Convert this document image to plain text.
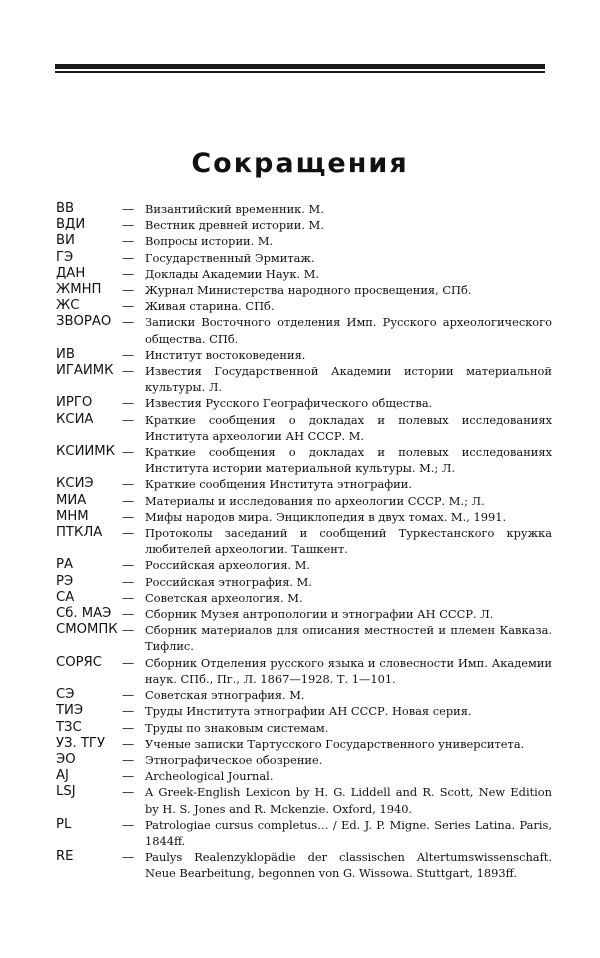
Сокращения
ВВ	— Византийский временник. М.
ВДИ	— Вестник древней истории. М.
ВИ	— Вопросы истории. М.
ГЭ	— Государственный Эрмитаж.
ДАН	— Доклады Академии Наук. М.
ЖМНП	— Журнал Министерства народного просвещения, СПб.
ЖС	— Живая старина. СПб.
ЗВОРАО — Записки Восточного отделения Имп. Русского археологического общества. СПб.
ИВ	— Институт востоковедения.
ИГАИМК — Известия Государственной Академии истории материальной культуры. Л.
ИРГО	— Известия Русского Географического общества.
КСИА	— Краткие сообщения о докладах и полевых исследованиях Института археологии АН СССР. М.
КСИИМК — Краткие сообщения о докладах и полевых исследованиях Института истории материальной культуры. М.; Л.
КСИЭ	— Краткие сообщения Института этнографии.
МИА	— Материалы и исследования по археологии СССР. М.; Л.
МНМ	— Мифы народов мира. Энциклопедия в двух томах. М., 1991.
ПТКЛА	— Протоколы заседаний и сообщений Туркестанского кружка любителей археологии. Ташкент.
РА	— Российская археология. М.
РЭ	— Российская этнография. М.
СА	— Советская археология. М.
Сб. МАЭ — Сборник Музея антропологии и этнографии АН СССР. Л.
СМОМПК — Сборник материалов для описания местностей и племен Кавказа. Тифлис.
СОРЯС	— Сборник Отделения русского языка и словесности Имп. Академии наук. СПб., Пг., Л. 1867—1928. Т. 1—101.
СЭ	— Советская этнография. М.
ТИЭ	— Труды Института этнографии АН СССР. Новая серия.
ТЗС	— Труды по знаковым системам.
УЗ. ТГУ	— Ученые записки Тартусского Государственного университета.
ЭО	— Этнографическое обозрение.
AJ	— Archeological Journal.
LSJ	— A Greek-English Lexicon by H. G. Liddell and R. Scott, New Edition by H. S. Jones and R. Mckenzie. Oxford, 1940.
PL	— Patrologiae cursus completus… / Ed. J. P. Migne. Series Latina. Paris, 1844ff.
RE	— Paulys Realenzyklopädie der classischen Altertumswissenschaft. Neue Bearbeitung, begonnen von G. Wissowa. Stuttgart, 1893ff.
